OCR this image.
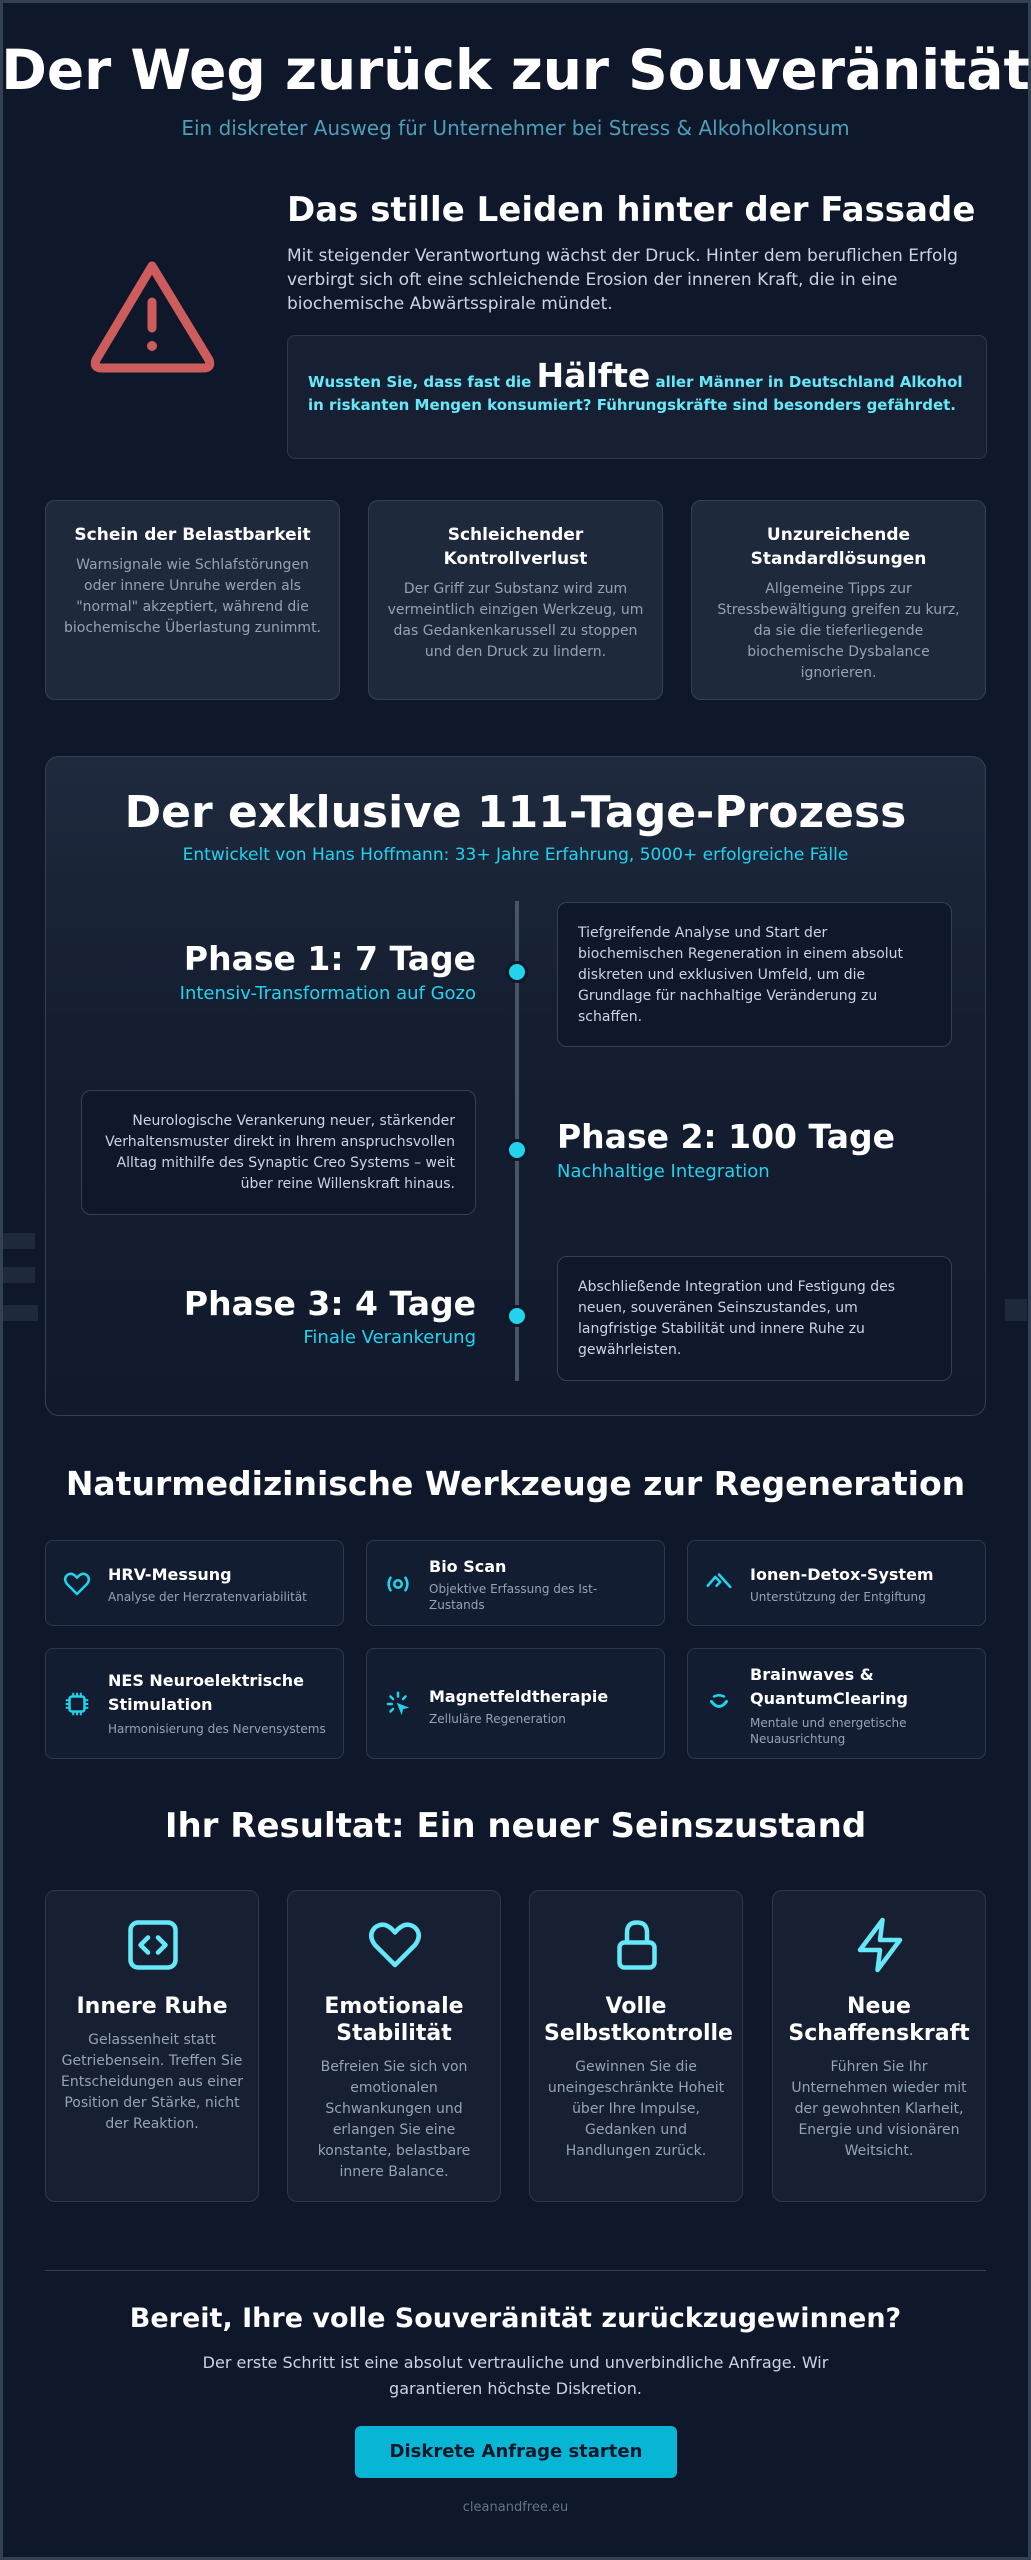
Der Weg zurück zur Souveränität

Ein diskreter Ausweg für Unternehmer bei Stress & Alkoholkonsum

Das stille Leiden hinter der Fassade

Mit steigender Verantwortung wächst der Druck. Hinter dem beruflichen Erfolg verbirgt sich oft eine schleichende Erosion der inneren Kraft, die in eine biochemische Abwärtsspirale mündet.

Wussten Sie, dass fast die Hälfte aller Männer in Deutschland Alkohol in riskanten Mengen konsumiert? Führungskräfte sind besonders gefährdet.
Schein der Belastbarkeit

Warnsignale wie Schlafstörungen oder innere Unruhe werden als "normal" akzeptiert, während die biochemische Überlastung zunimmt.

Schleichender Kontrollverlust

Der Griff zur Substanz wird zum vermeintlich einzigen Werkzeug, um das Gedankenkarussell zu stoppen und den Druck zu lindern.

Unzureichende Standardlösungen

Allgemeine Tipps zur Stressbewältigung greifen zu kurz, da sie die tieferliegende biochemische Dysbalance ignorieren.

Der exklusive 111-Tage-Prozess
Entwickelt von Hans Hoffmann: 33+ Jahre Erfahrung, 5000+ erfolgreiche Fälle
Phase 1: 7 Tage
Intensiv-Transformation auf Gozo
Tiefgreifende Analyse und Start der biochemischen Regeneration in einem absolut diskreten und exklusiven Umfeld, um die Grundlage für nachhaltige Veränderung zu schaffen.
Neurologische Verankerung neuer, stärkender Verhaltensmuster direkt in Ihrem anspruchsvollen Alltag mithilfe des Synaptic Creo Systems – weit über reine Willenskraft hinaus.
Phase 2: 100 Tage
Nachhaltige Integration
Phase 3: 4 Tage
Finale Verankerung
Abschließende Integration und Festigung des neuen, souveränen Seinszustandes, um langfristige Stabilität und innere Ruhe zu gewährleisten.
Naturmedizinische Werkzeuge zur Regeneration
HRV-Messung
Analyse der Herzratenvariabilität
Bio Scan
Objektive Erfassung des Ist-Zustands
Ionen-Detox-System
Unterstützung der Entgiftung
NES Neuroelektrische Stimulation
Harmonisierung des Nervensystems
Magnetfeldtherapie
Zelluläre Regeneration
Brainwaves & QuantumClearing
Mentale und energetische Neuausrichtung
Ihr Resultat: Ein neuer Seinszustand
Innere Ruhe

Gelassenheit statt Getriebensein. Treffen Sie Entscheidungen aus einer Position der Stärke, nicht der Reaktion.

Emotionale Stabilität

Befreien Sie sich von emotionalen Schwankungen und erlangen Sie eine konstante, belastbare innere Balance.

Volle Selbstkontrolle

Gewinnen Sie die uneingeschränkte Hoheit über Ihre Impulse, Gedanken und Handlungen zurück.

Neue Schaffenskraft

Führen Sie Ihr Unternehmen wieder mit der gewohnten Klarheit, Energie und visionären Weitsicht.

Bereit, Ihre volle Souveränität zurückzugewinnen?

Der erste Schritt ist eine absolut vertrauliche und unverbindliche Anfrage. Wir garantieren höchste Diskretion.

Diskrete Anfrage starten
cleanandfree.eu
